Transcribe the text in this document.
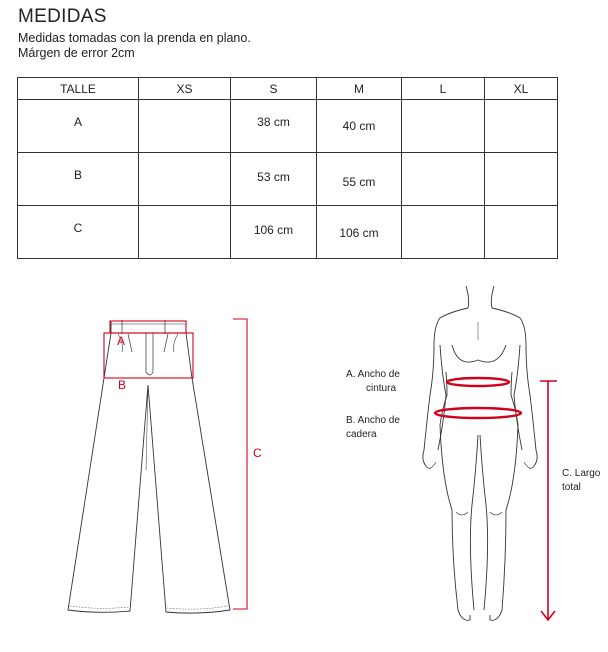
MEDIDAS
Medidas tomadas con la prenda en plano.
Márgen de error 2cm
TALLE	XS	S	M	L	XL
A		38 cm	40 cm		
B		53 cm	55 cm		
C		106 cm	106 cm		
A
B
C
A. Ancho de
cintura
B. Ancho de
cadera
C. Largo
total
